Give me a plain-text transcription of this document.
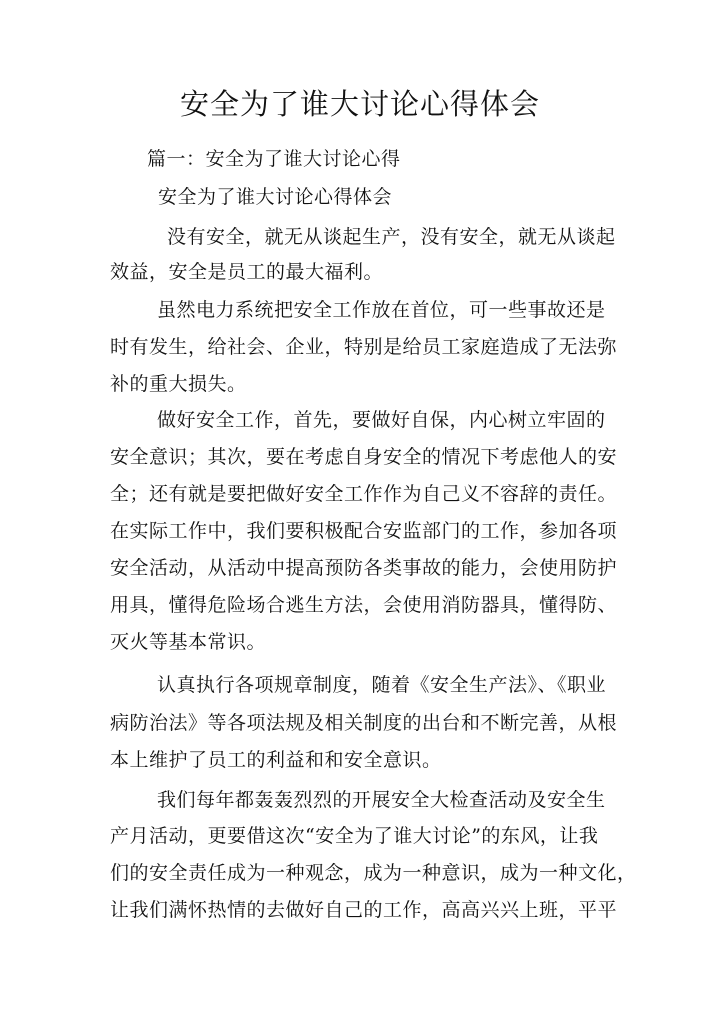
安全为了谁大讨论心得体会
篇一：安全为了谁大讨论心得
安全为了谁大讨论心得体会
没有安全，就无从谈起生产，没有安全，就无从谈起
效益，安全是员工的最大福利。
虽然电力系统把安全工作放在首位，可一些事故还是
时有发生，给社会、企业，特别是给员工家庭造成了无法弥
补的重大损失。
做好安全工作，首先，要做好自保，内心树立牢固的
安全意识；其次，要在考虑自身安全的情况下考虑他人的安
全；还有就是要把做好安全工作作为自己义不容辞的责任。
在实际工作中，我们要积极配合安监部门的工作，参加各项
安全活动，从活动中提高预防各类事故的能力，会使用防护
用具，懂得危险场合逃生方法，会使用消防器具，懂得防、
灭火等基本常识。
认真执行各项规章制度，随着《安全生产法》、《职业
病防治法》等各项法规及相关制度的出台和不断完善，从根
本上维护了员工的利益和和安全意识。
我们每年都轰轰烈烈的开展安全大检查活动及安全生
产月活动，更要借这次“安全为了谁大讨论”的东风，让我
们的安全责任成为一种观念，成为一种意识，成为一种文化，
让我们满怀热情的去做好自己的工作，高高兴兴上班，平平
